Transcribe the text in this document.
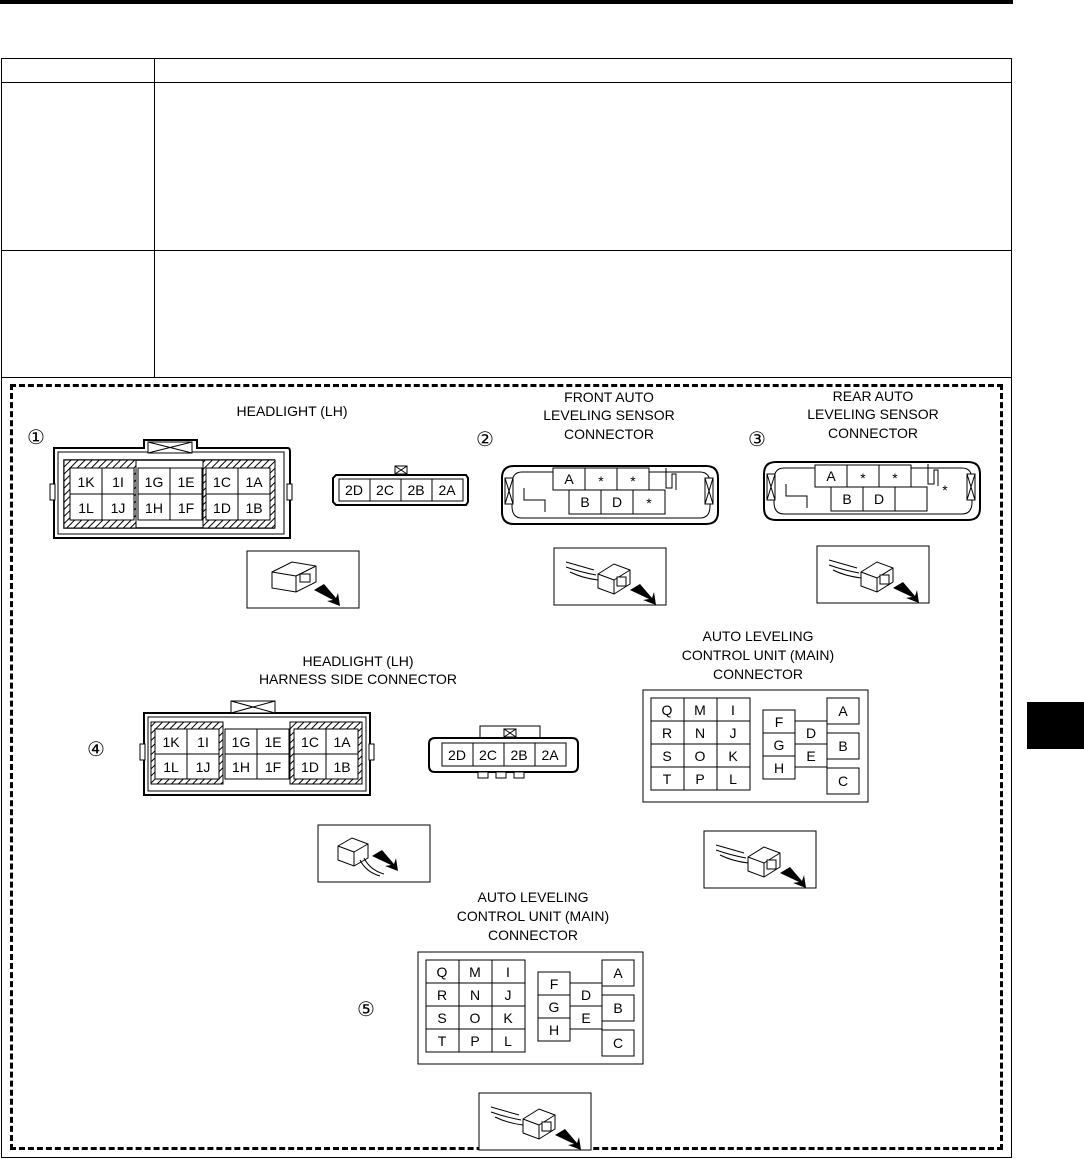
HEADLIGHT (LH)
①
1K 1I 1G 1E 1C 1A
1L 1J 1H 1F 1D 1B
2D 2C 2B 2A
FRONT AUTO
LEVELING SENSOR
CONNECTOR
②
A * *
B D *
REAR AUTO
LEVELING SENSOR
CONNECTOR
③
A * *
B D
*
HEADLIGHT (LH)
HARNESS SIDE CONNECTOR
④	1K 1I 1G 1E 1C 1A
1L 1J 1H 1F 1D 1B
2D 2C 2B 2A
AUTO LEVELING
CONTROL UNIT (MAIN)
CONNECTOR
Q M I
R N J
S O K
T P L
F
G
H
D
E
A
B
C
AUTO LEVELING
CONTROL UNIT (MAIN)
CONNECTOR
⑤
Q M I
R N J
S O K
T P L
F
G
H
D
E
A
B
C
